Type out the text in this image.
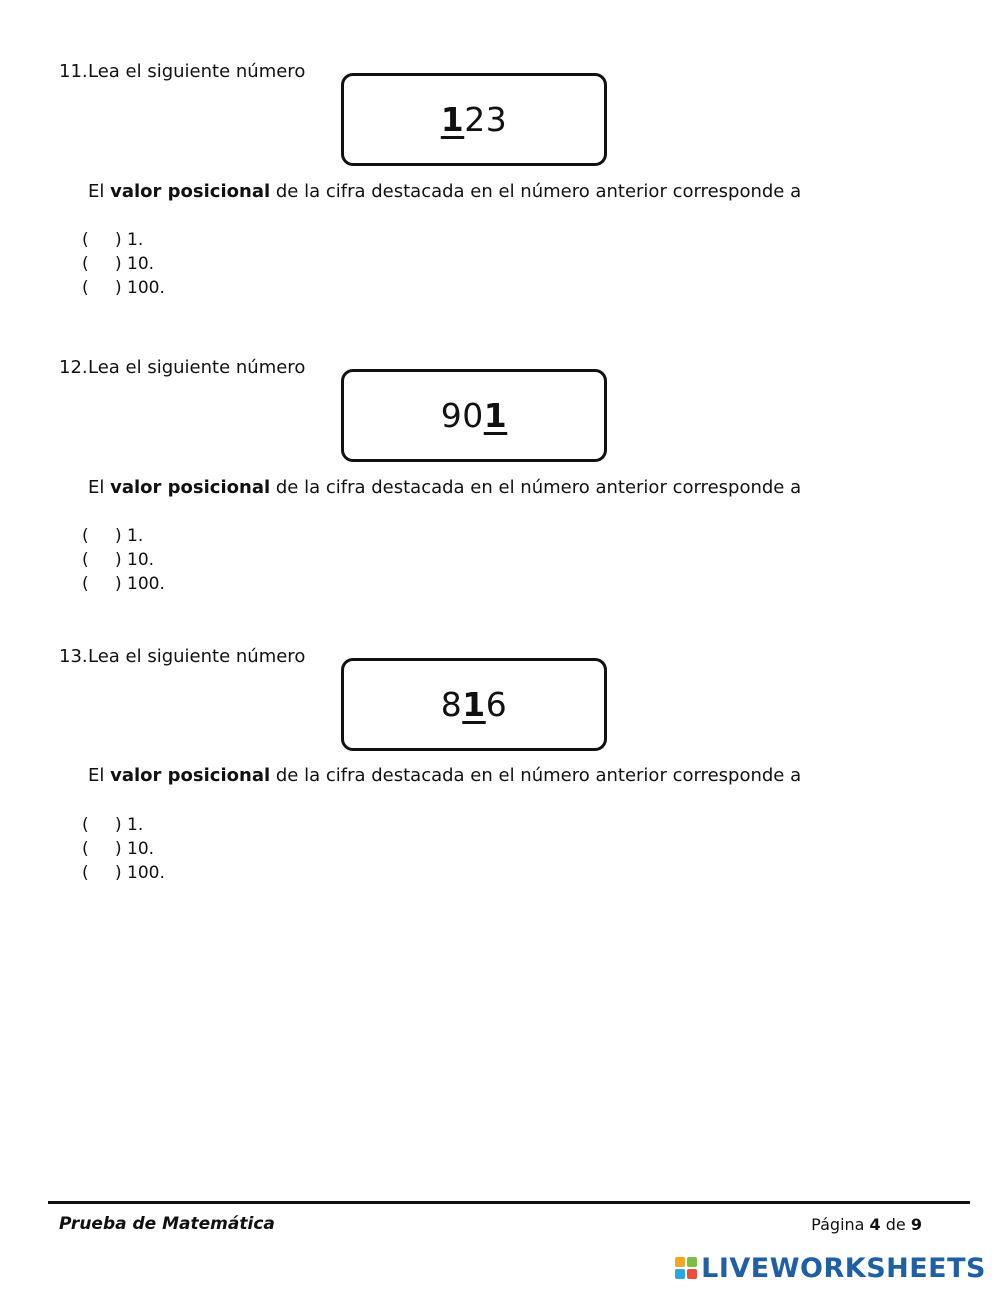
11.Lea el siguiente número
1 23
El valor posicional de la cifra destacada en el número anterior corresponde a
( ) 1.
( ) 10.
( ) 100.
12.Lea el siguiente número
90 1
El valor posicional de la cifra destacada en el número anterior corresponde a
( ) 1.
( ) 10.
( ) 100.
13.Lea el siguiente número
8 1 6
El valor posicional de la cifra destacada en el número anterior corresponde a
( ) 1.
( ) 10.
( ) 100.
Prueba de Matemática	Página 4 de 9
LIVEWORKSHEETS
